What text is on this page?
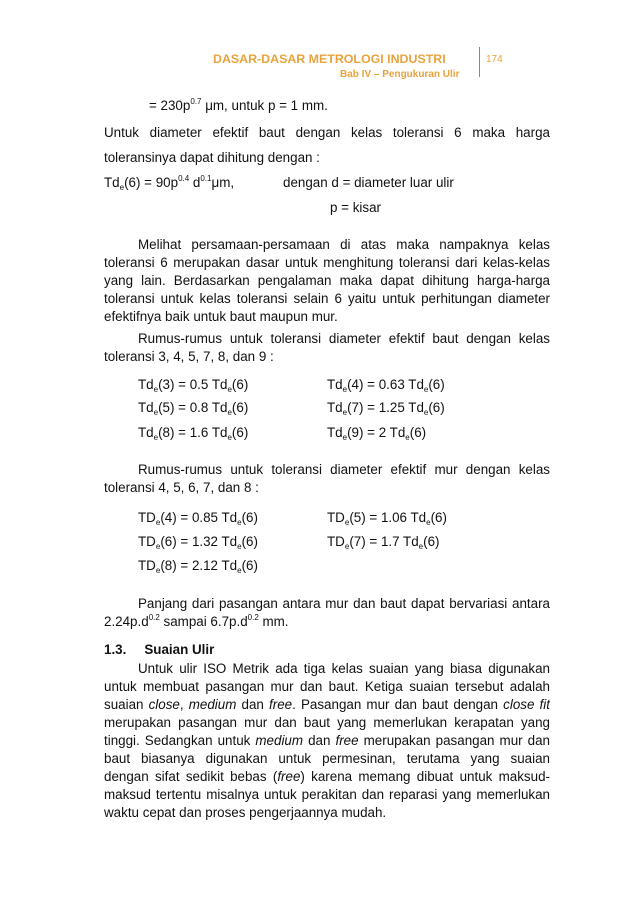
DASAR-DASAR METROLOGI INDUSTRI
Bab IV – Pengukuran Ulir
174
= $230p^{0.7}$ μm, untuk p = 1 mm.
Untuk diameter efektif baut dengan kelas toleransi 6 maka harga
toleransinya dapat dihitung dengan :
$Td_e(6) = 90p^{0.4}$ $d^{0.1}\mu m$,	dengan d = diameter luar ulir
p = kisar
Melihat persamaan-persamaan di atas maka nampaknya kelas
toleransi 6 merupakan dasar untuk menghitung toleransi dari kelas-kelas
yang lain. Berdasarkan pengalaman maka dapat dihitung harga-harga
toleransi untuk kelas toleransi selain 6 yaitu untuk perhitungan diameter
efektifnya baik untuk baut maupun mur.
Rumus-rumus untuk toleransi diameter efektif baut dengan kelas
toleransi 3, 4, 5, 7, 8, dan 9 :
$Td_e(3) = 0.5$ $Td_e(6)$	$Td_e(4) = 0.63$ $Td_e(6)$
$Td_e(5) = 0.8$ $Td_e(6)$	$Td_e(7) = 1.25$ $Td_e(6)$
$Td_e(8) = 1.6$ $Td_e(6)$	$Td_e(9) = 2$ $Td_e(6)$
Rumus-rumus untuk toleransi diameter efektif mur dengan kelas
toleransi 4, 5, 6, 7, dan 8 :
$TD_e(4) = 0.85$ $Td_e(6)$	$TD_e(5) = 1.06$ $Td_e(6)$
$TD_e(6) = 1.32$ $Td_e(6)$	$TD_e(7) = 1.7$ $Td_e(6)$
$TD_e(8) = 2.12$ $Td_e(6)$
Panjang dari pasangan antara mur dan baut dapat bervariasi antara
$2.24p.d^{0.2}$ sampai $6.7p.d^{0.2}$ mm.
1.3. Suaian Ulir
Untuk ulir ISO Metrik ada tiga kelas suaian yang biasa digunakan
untuk membuat pasangan mur dan baut. Ketiga suaian tersebut adalah
suaian close, medium dan free. Pasangan mur dan baut dengan close fit
merupakan pasangan mur dan baut yang memerlukan kerapatan yang
tinggi. Sedangkan untuk medium dan free merupakan pasangan mur dan
baut biasanya digunakan untuk permesinan, terutama yang suaian
dengan sifat sedikit bebas (free) karena memang dibuat untuk maksud-
maksud tertentu misalnya untuk perakitan dan reparasi yang memerlukan
waktu cepat dan proses pengerjaannya mudah.
